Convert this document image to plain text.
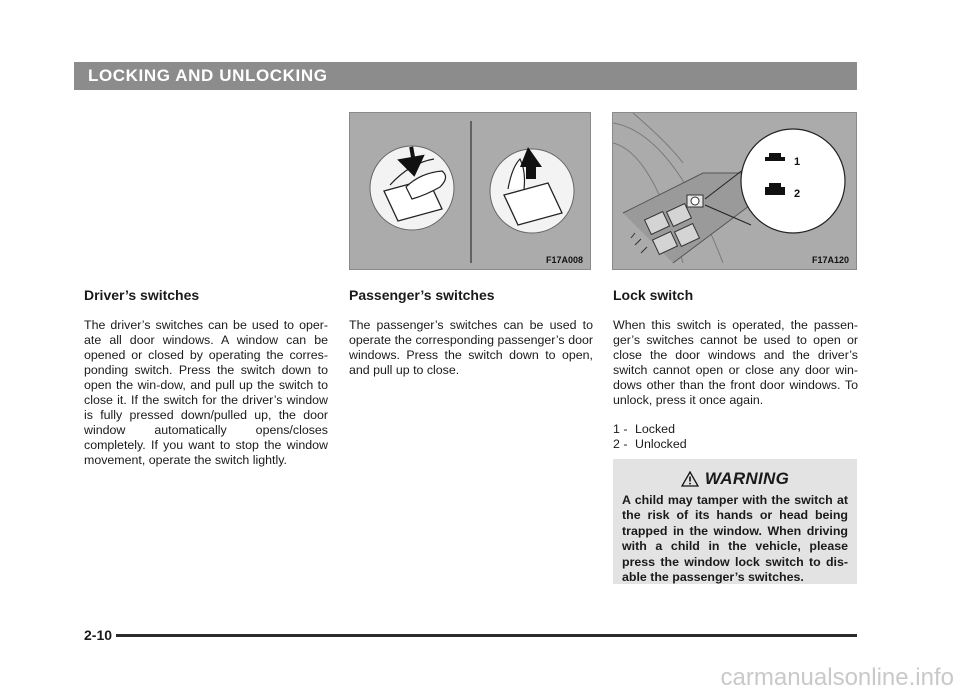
LOCKING AND UNLOCKING
F17A008
1
2
F17A120
Driver’s switches

The driver’s switches can be used to oper-ate all door windows. A window can be opened or closed by operating the corres-ponding switch. Press the switch down to open the win-dow, and pull up the switch to close it. If the switch for the driver’s window is fully pressed down/pulled up, the door window automatically opens/closes completely. If you want to stop the window movement, operate the switch lightly.

Passenger’s switches

The passenger’s switches can be used to operate the corresponding passenger’s door windows. Press the switch down to open, and pull up to close.

Lock switch

When this switch is operated, the passen-ger’s switches cannot be used to open or close the door windows and the driver’s switch cannot open or close any door win-dows other than the front door windows. To unlock, press it once again.

1 - Locked
2 - Unlocked
WARNING
A child may tamper with the switch at the risk of its hands or head being trapped in the window. When driving with a child in the vehicle, please press the window lock switch to dis-able the passenger’s switches.
2-10
carmanualsonline.info
